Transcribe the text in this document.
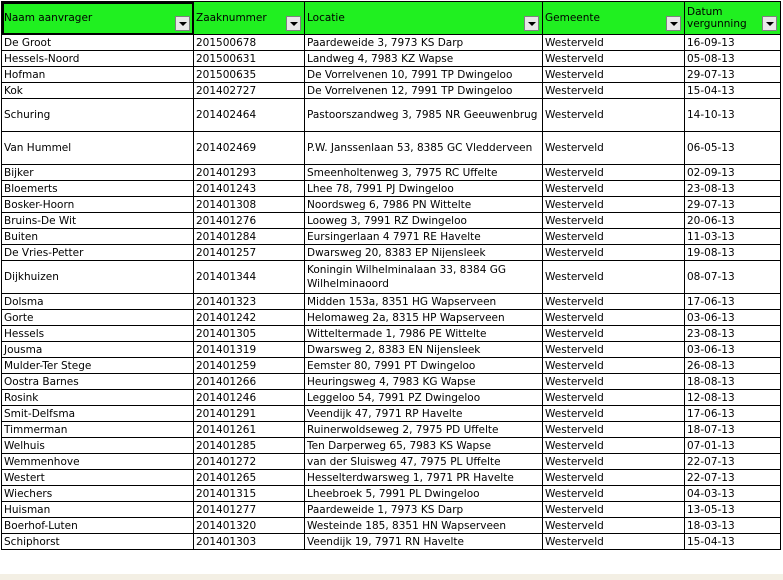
Naam aanvrager	Zaaknummer	Locatie	Gemeente	Datum vergunning

De Groot	201500678	Paardeweide 3, 7973 KS Darp	Westerveld	16-09-13
Hessels-Noord	201500631	Landweg 4, 7983 KZ Wapse	Westerveld	05-08-13
Hofman	201500635	De Vorrelvenen 10, 7991 TP Dwingeloo	Westerveld	29-07-13
Kok	201402727	De Vorrelvenen 12, 7991 TP Dwingeloo	Westerveld	15-04-13
Schuring	201402464	Pastoorszandweg 3, 7985 NR Geeuwenbrug	Westerveld	14-10-13
Van Hummel	201402469	P.W. Janssenlaan 53, 8385 GC Vledderveen	Westerveld	06-05-13
Bijker	201401293	Smeenholtenweg 3, 7975 RC Uffelte	Westerveld	02-09-13
Bloemerts	201401243	Lhee 78, 7991 PJ Dwingeloo	Westerveld	23-08-13
Bosker-Hoorn	201401308	Noordsweg 6, 7986 PN Wittelte	Westerveld	29-07-13
Bruins-De Wit	201401276	Looweg 3, 7991 RZ Dwingeloo	Westerveld	20-06-13
Buiten	201401284	Eursingerlaan 4 7971 RE Havelte	Westerveld	11-03-13
De Vries-Petter	201401257	Dwarsweg 20, 8383 EP Nijensleek	Westerveld	19-08-13
Dijkhuizen	201401344	Koningin Wilhelminalaan 33, 8384 GG Wilhelminaoord	Westerveld	08-07-13
Dolsma	201401323	Midden 153a, 8351 HG Wapserveen	Westerveld	17-06-13
Gorte	201401242	Helomaweg 2a, 8315 HP Wapserveen	Westerveld	03-06-13
Hessels	201401305	Witteltermade 1, 7986 PE Wittelte	Westerveld	23-08-13
Jousma	201401319	Dwarsweg 2, 8383 EN Nijensleek	Westerveld	03-06-13
Mulder-Ter Stege	201401259	Eemster 80, 7991 PT Dwingeloo	Westerveld	26-08-13
Oostra Barnes	201401266	Heuringsweg 4, 7983 KG Wapse	Westerveld	18-08-13
Rosink	201401246	Leggeloo 54, 7991 PZ Dwingeloo	Westerveld	12-08-13
Smit-Delfsma	201401291	Veendijk 47, 7971 RP Havelte	Westerveld	17-06-13
Timmerman	201401261	Ruinerwoldseweg 2, 7975 PD Uffelte	Westerveld	18-07-13
Welhuis	201401285	Ten Darperweg 65, 7983 KS Wapse	Westerveld	07-01-13
Wemmenhove	201401272	van der Sluisweg 47, 7975 PL Uffelte	Westerveld	22-07-13
Westert	201401265	Hesselterdwarsweg 1, 7971 PR Havelte	Westerveld	22-07-13
Wiechers	201401315	Lheebroek 5, 7991 PL Dwingeloo	Westerveld	04-03-13
Huisman	201401277	Paardeweide 1, 7973 KS Darp	Westerveld	13-05-13
Boerhof-Luten	201401320	Westeinde 185, 8351 HN Wapserveen	Westerveld	18-03-13
Schiphorst	201401303	Veendijk 19, 7971 RN Havelte	Westerveld	15-04-13
